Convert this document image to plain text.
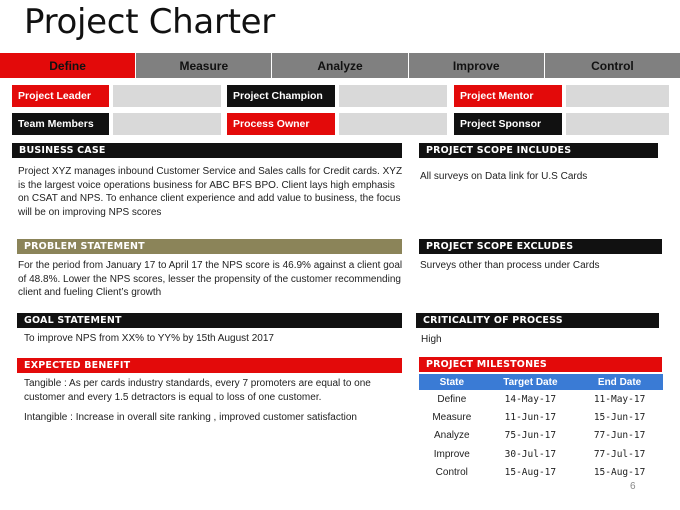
Project Charter
Define	Measure	Analyze	Improve	Control
Project Leader	Project Champion	Project Mentor
Team Members	Process Owner	Project Sponsor
BUSINESS CASE
Project XYZ manages inbound Customer Service and Sales calls for Credit cards. XYZ is the largest voice operations business for ABC BFS BPO. Client lays high emphasis on CSAT and NPS. To enhance client experience and add value to business, the focus will be on improving NPS scores
PROBLEM STATEMENT
For the period from January 17 to April 17 the NPS score is 46.9% against a client goal of 48.8%. Lower the NPS scores, lesser the propensity of the customer recommending client and fueling Client’s growth
GOAL STATEMENT
To improve NPS from XX% to YY% by 15th August 2017
EXPECTED BENEFIT
Tangible : As per cards industry standards, every 7 promoters are equal to one customer and every 1.5 detractors is equal to loss of one customer.
Intangible : Increase in overall site ranking , improved customer satisfaction
PROJECT SCOPE INCLUDES
All surveys on Data link for U.S Cards
PROJECT SCOPE EXCLUDES
Surveys other than process under Cards
CRITICALITY OF PROCESS
High
PROJECT MILESTONES
State	Target Date	End Date
Define	14-May-17	11-May-17
Measure	11-Jun-17	15-Jun-17
Analyze	75-Jun-17	77-Jun-17
Improve	30-Jul-17	77-Jul-17
Control	15-Aug-17	15-Aug-17
6
